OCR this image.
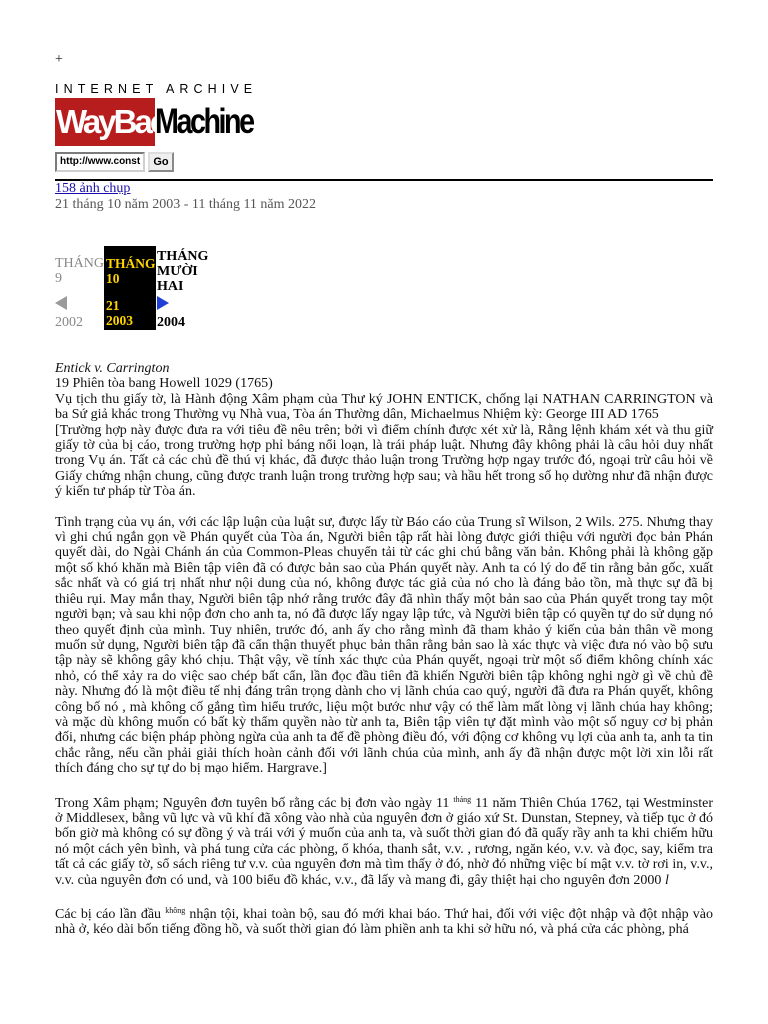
+
INTERNET ARCHIVE
WayBack
Machine
http://www.const	Go
158 ảnh chụp
21 tháng 10 năm 2003 - 11 tháng 11 năm 2022
THÁNG
9
THÁNG
10
21
2003
THÁNG
MƯỜI
HAI
2002	2004

Entick v. Carrington

19 Phiên tòa bang Howell 1029 (1765)

Vụ tịch thu giấy tờ, là Hành động Xâm phạm của Thư ký JOHN ENTICK, chống lại NATHAN CARRINGTON và ba Sứ giả khác trong Thường vụ Nhà vua, Tòa án Thường dân, Michaelmus Nhiệm kỳ: George III AD 1765

[Trường hợp này được đưa ra với tiêu đề nêu trên; bởi vì điểm chính được xét xử là, Rằng lệnh khám xét và thu giữ giấy tờ của bị cáo, trong trường hợp phỉ báng nổi loạn, là trái pháp luật. Nhưng đây không phải là câu hỏi duy nhất trong Vụ án. Tất cả các chủ đề thú vị khác, đã được thảo luận trong Trường hợp ngay trước đó, ngoại trừ câu hỏi về Giấy chứng nhận chung, cũng được tranh luận trong trường hợp sau; và hầu hết trong số họ dường như đã nhận được ý kiến tư pháp từ Tòa án.

Tình trạng của vụ án, với các lập luận của luật sư, được lấy từ Báo cáo của Trung sĩ Wilson, 2 Wils. 275. Nhưng thay vì ghi chú ngắn gọn về Phán quyết của Tòa án, Người biên tập rất hài lòng được giới thiệu với người đọc bản Phán quyết dài, do Ngài Chánh án của Common-Pleas chuyển tải từ các ghi chú bằng văn bản. Không phải là không gặp một số khó khăn mà Biên tập viên đã có được bản sao của Phán quyết này. Anh ta có lý do để tin rằng bản gốc, xuất sắc nhất và có giá trị nhất như nội dung của nó, không được tác giả của nó cho là đáng bảo tồn, mà thực sự đã bị thiêu rụi. May mắn thay, Người biên tập nhớ rằng trước đây đã nhìn thấy một bản sao của Phán quyết trong tay một người bạn; và sau khi nộp đơn cho anh ta, nó đã được lấy ngay lập tức, và Người biên tập có quyền tự do sử dụng nó theo quyết định của mình. Tuy nhiên, trước đó, anh ấy cho rằng mình đã tham khảo ý kiến của bản thân về mong muốn sử dụng, Người biên tập đã cẩn thận thuyết phục bản thân rằng bản sao là xác thực và việc đưa nó vào bộ sưu tập này sẽ không gây khó chịu. Thật vậy, về tính xác thực của Phán quyết, ngoại trừ một số điểm không chính xác nhỏ, có thể xảy ra do việc sao chép bất cẩn, lần đọc đầu tiên đã khiến Người biên tập không nghi ngờ gì về chủ đề này. Nhưng đó là một điều tế nhị đáng trân trọng dành cho vị lãnh chúa cao quý, người đã đưa ra Phán quyết, không công bố nó , mà không cố gắng tìm hiểu trước, liệu một bước như vậy có thể làm mất lòng vị lãnh chúa hay không; và mặc dù không muốn có bất kỳ thẩm quyền nào từ anh ta, Biên tập viên tự đặt mình vào một số nguy cơ bị phản đối, nhưng các biện pháp phòng ngừa của anh ta để đề phòng điều đó, với động cơ không vụ lợi của anh ta, anh ta tin chắc rằng, nếu cần phải giải thích hoàn cảnh đối với lãnh chúa của mình, anh ấy đã nhận được một lời xin lỗi rất thích đáng cho sự tự do bị mạo hiểm. Hargrave.]

Trong Xâm phạm; Nguyên đơn tuyên bố rằng các bị đơn vào ngày 11 $^{tháng}$ 11 năm Thiên Chúa 1762, tại Westminster ở Middlesex, bằng vũ lực và vũ khí đã xông vào nhà của nguyên đơn ở giáo xứ St. Dunstan, Stepney, và tiếp tục ở đó bốn giờ mà không có sự đồng ý và trái với ý muốn của anh ta, và suốt thời gian đó đã quấy rầy anh ta khi chiếm hữu nó một cách yên bình, và phá tung cửa các phòng, ổ khóa, thanh sắt, v.v. , rương, ngăn kéo, v.v. và đọc, say, kiểm tra tất cả các giấy tờ, sổ sách riêng tư v.v. của nguyên đơn mà tìm thấy ở đó, nhờ đó những việc bí mật v.v. tờ rơi in, v.v., v.v. của nguyên đơn có und, và 100 biểu đồ khác, v.v., đã lấy và mang đi, gây thiệt hại cho nguyên đơn 2000 l

Các bị cáo lần đầu $^{không}$ nhận tội, khai toàn bộ, sau đó mới khai báo. Thứ hai, đối với việc đột nhập và đột nhập vào nhà ở, kéo dài bốn tiếng đồng hồ, và suốt thời gian đó làm phiền anh ta khi sở hữu nó, và phá cửa các phòng, phá
